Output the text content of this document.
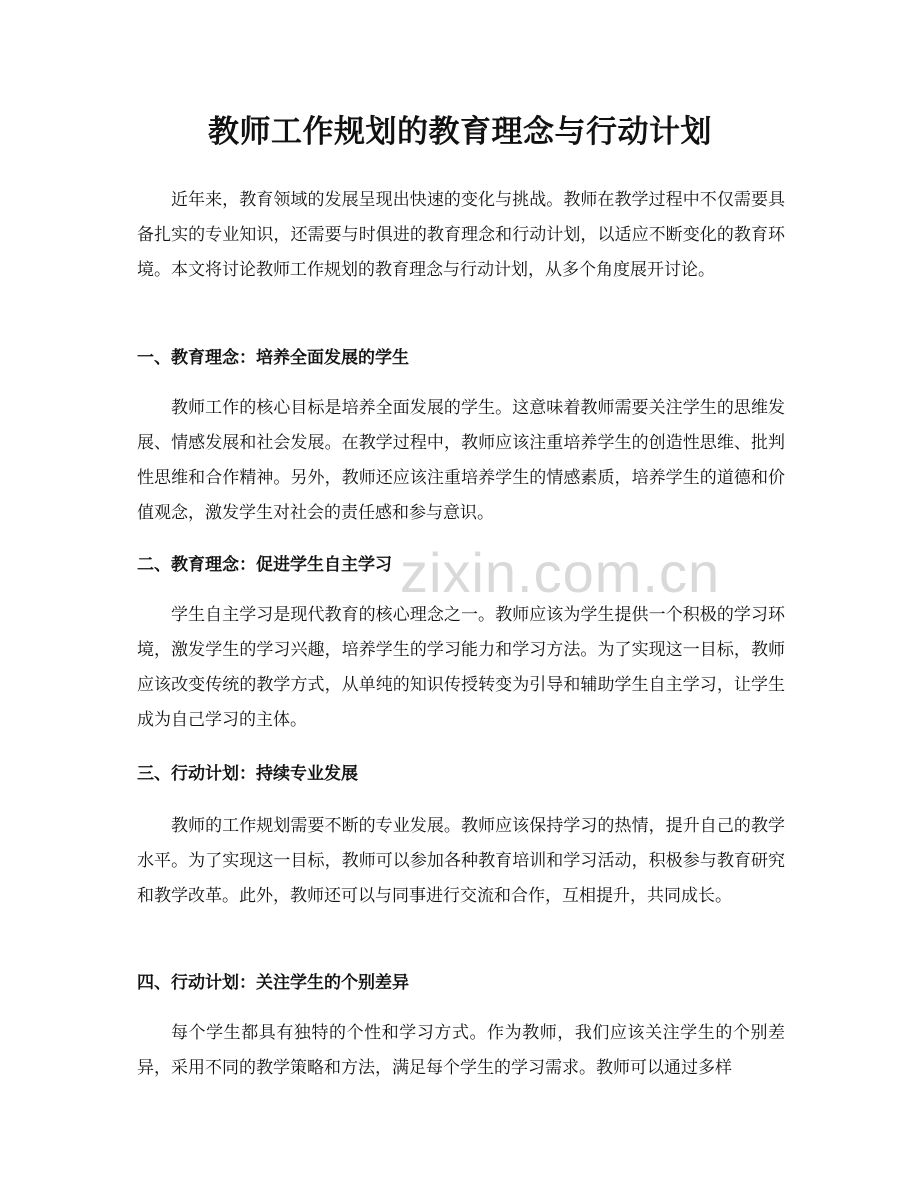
教师工作规划的教育理念与行动计划

近年来，教育领域的发展呈现出快速的变化与挑战。教师在教学过程中不仅需要具备扎实的专业知识，还需要与时俱进的教育理念和行动计划，以适应不断变化的教育环境。本文将讨论教师工作规划的教育理念与行动计划，从多个角度展开讨论。

一、教育理念：培养全面发展的学生

教师工作的核心目标是培养全面发展的学生。这意味着教师需要关注学生的思维发展、情感发展和社会发展。在教学过程中，教师应该注重培养学生的创造性思维、批判性思维和合作精神。另外，教师还应该注重培养学生的情感素质，培养学生的道德和价值观念，激发学生对社会的责任感和参与意识。

二、教育理念：促进学生自主学习

学生自主学习是现代教育的核心理念之一。教师应该为学生提供一个积极的学习环境，激发学生的学习兴趣，培养学生的学习能力和学习方法。为了实现这一目标，教师应该改变传统的教学方式，从单纯的知识传授转变为引导和辅助学生自主学习，让学生成为自己学习的主体。

三、行动计划：持续专业发展

教师的工作规划需要不断的专业发展。教师应该保持学习的热情，提升自己的教学水平。为了实现这一目标，教师可以参加各种教育培训和学习活动，积极参与教育研究和教学改革。此外，教师还可以与同事进行交流和合作，互相提升，共同成长。

四、行动计划：关注学生的个别差异

每个学生都具有独特的个性和学习方式。作为教师，我们应该关注学生的个别差异，采用不同的教学策略和方法，满足每个学生的学习需求。教师可以通过多样

zixin.com.cn
